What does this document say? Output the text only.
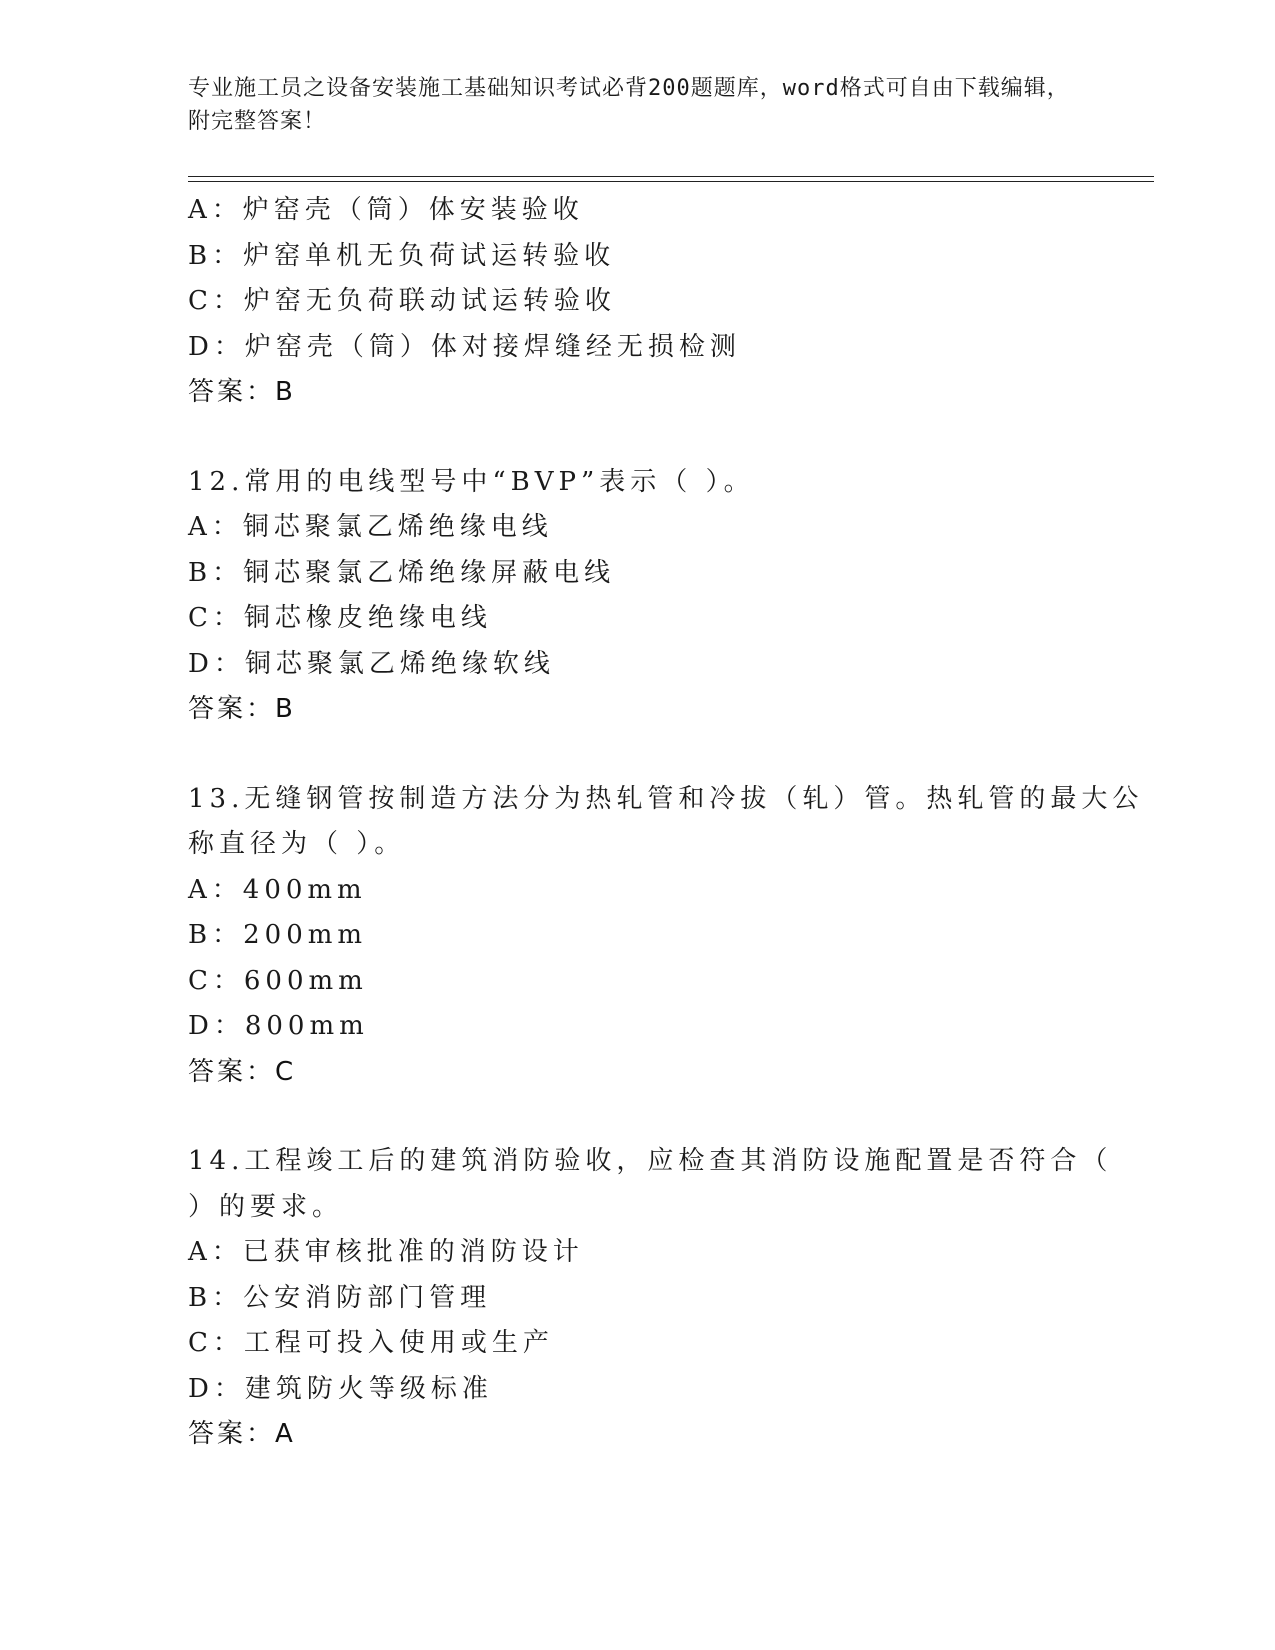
专业施工员之设备安装施工基础知识考试必背200题题库，word格式可自由下载编辑，附完整答案！
A：炉窑壳（筒）体安装验收
B：炉窑单机无负荷试运转验收
C：炉窑无负荷联动试运转验收
D：炉窑壳（筒）体对接焊缝经无损检测
答案：B
12.常用的电线型号中“BVP”表示（ ）。
A：铜芯聚氯乙烯绝缘电线
B：铜芯聚氯乙烯绝缘屏蔽电线
C：铜芯橡皮绝缘电线
D：铜芯聚氯乙烯绝缘软线
答案：B
13.无缝钢管按制造方法分为热轧管和冷拔（轧）管。热轧管的最大公
称直径为（ ）。
A：400mm
B：200mm
C：600mm
D：800mm
答案：C
14.工程竣工后的建筑消防验收，应检查其消防设施配置是否符合（
）的要求。
A：已获审核批准的消防设计
B：公安消防部门管理
C：工程可投入使用或生产
D：建筑防火等级标准
答案：A
